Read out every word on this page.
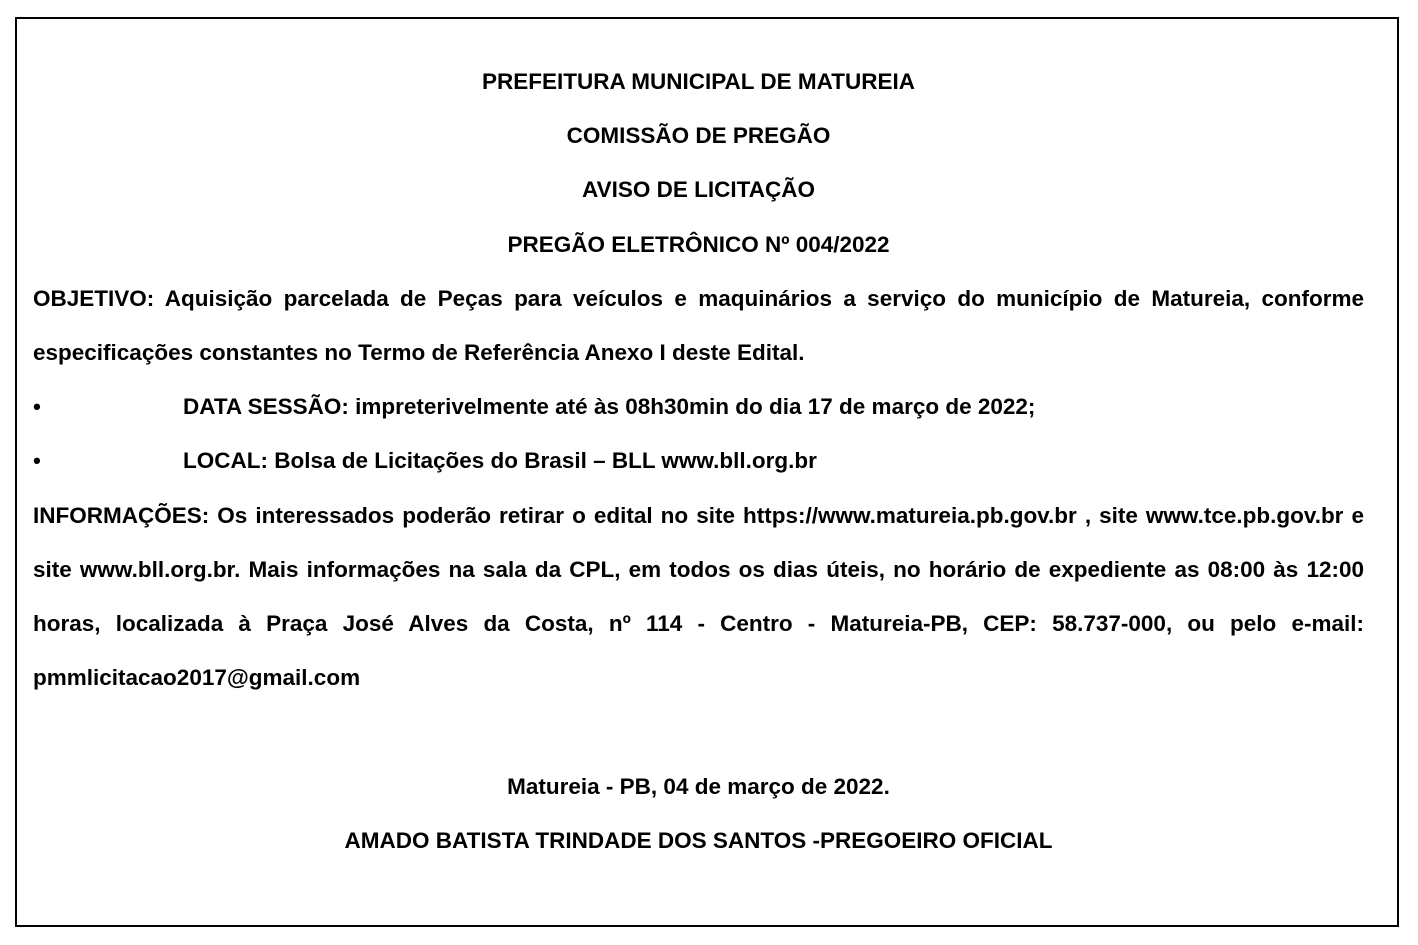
PREFEITURA MUNICIPAL DE MATUREIA
COMISSÃO DE PREGÃO
AVISO DE LICITAÇÃO
PREGÃO ELETRÔNICO Nº 004/2022
OBJETIVO: Aquisição parcelada de Peças para veículos e maquinários a serviço do município de Matureia, conforme especificações constantes no Termo de Referência Anexo I deste Edital.
•	DATA SESSÃO: impreterivelmente até às 08h30min do dia 17 de março de 2022;
•	LOCAL: Bolsa de Licitações do Brasil – BLL www.bll.org.br
INFORMAÇÕES: Os interessados poderão retirar o edital no site https://www.matureia.pb.gov.br , site www.tce.pb.gov.br e site www.bll.org.br. Mais informações na sala da CPL, em todos os dias úteis, no horário de expediente as 08:00 às 12:00 horas, localizada à Praça José Alves da Costa, nº 114 - Centro - Matureia-PB, CEP: 58.737-000, ou pelo e-mail: pmmlicitacao2017@gmail.com
Matureia - PB, 04 de março de 2022.
AMADO BATISTA TRINDADE DOS SANTOS -PREGOEIRO OFICIAL
